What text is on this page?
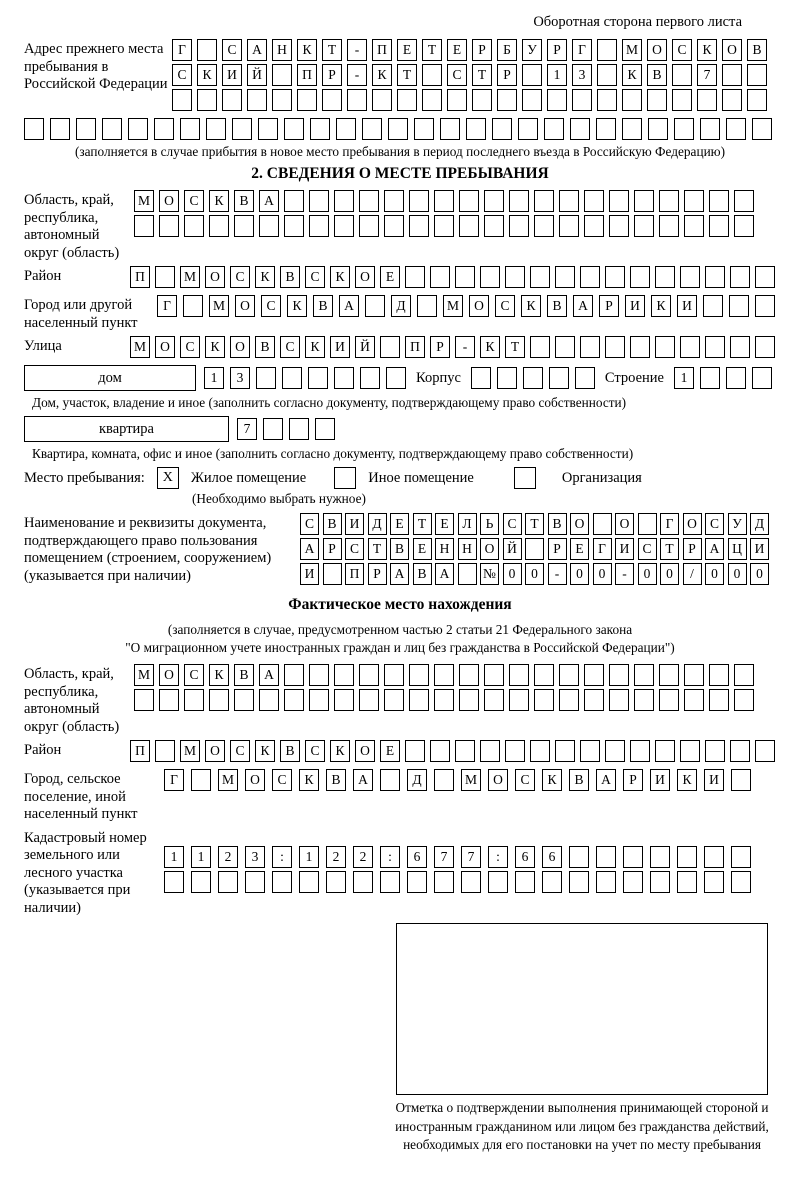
Оборотная сторона первого листа
Адрес прежнего места пребывания в Российской Федерации
Г	С	А	Н	К	Т	-	П	Е	Т	Е	Р	Б	У	Р	Г	М	О	С	К	О	В
С	К	И	Й	П	Р	-	К	Т	С	Т	Р	1	3	К	В	7
(заполняется в случае прибытия в новое место пребывания в период последнего въезда в Российскую Федерацию)
2. СВЕДЕНИЯ О МЕСТЕ ПРЕБЫВАНИЯ
Область, край, республика, автономный округ (область)
М	О	С	К	В	А
Район	П	М	О	С	К	В	С	К	О	Е
Город или другой населенный пункт
Г	М	О	С	К	В	А	Д	М	О	С	К	В	А	Р	И	К	И
Улица	М	О	С	К	О	В	С	К	И	Й	П	Р	-	К	Т
дом	1	3	Корпус	Строение	1
Дом, участок, владение и иное (заполнить согласно документу, подтверждающему право собственности)
квартира	7
Квартира, комната, офис и иное (заполнить согласно документу, подтверждающему право собственности)
Место пребывания:	X	Жилое помещение	Иное помещение	Организация
(Необходимо выбрать нужное)
Наименование и реквизиты документа, подтверждающего право пользования помещением (строением, сооружением) (указывается при наличии)
С В И Д	Е	Т	Е	Л	Ь	С	Т	В О	О	Г	О С У Д
А	Р	С	Т	В	Е	Н Н О Й	Р	Е	Г	И С	Т	Р	А Ц И
И	П	Р	А В А	№ 0	0	-	0	0	-	0	0	/	0	0	0
Фактическое место нахождения
(заполняется в случае, предусмотренном частью 2 статьи 21 Федерального закона
"О миграционном учете иностранных граждан и лиц без гражданства в Российской Федерации")
Область, край, республика, автономный округ (область)
М	О	С	К	В	А
Район	П	М	О	С	К	В	С	К	О	Е
Город, сельское поселение, иной населенный пункт
Г	М	О	С	К	В	А	Д	М	О	С	К	В	А	Р	И	К	И
Кадастровый номер земельного или лесного участка (указывается при наличии)
1	1	2	3	:	1	2	2	:	6	7	7	:	6	6
Отметка о подтверждении выполнения принимающей стороной и иностранным гражданином или лицом без гражданства действий, необходимых для его постановки на учет по месту пребывания
